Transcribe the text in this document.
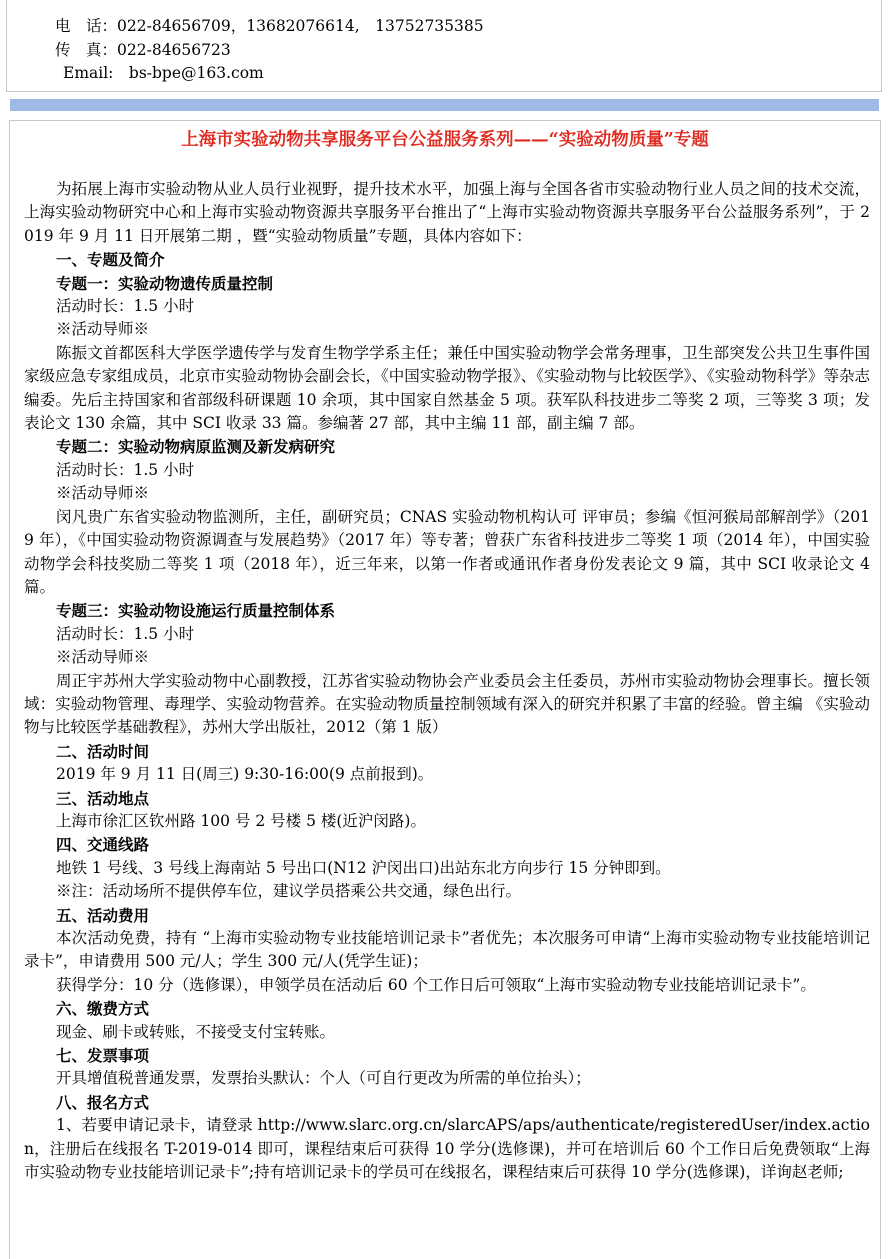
电　话：022-84656709，13682076614,　13752735385
传　真：022-84656723
Email:　bs-bpe@163.com
上海市实验动物共享服务平台公益服务系列——“实验动物质量”专题

为拓展上海市实验动物从业人员行业视野，提升技术水平，加强上海与全国各省市实验动物行业人员之间的技术交流，上海实验动物研究中心和上海市实验动物资源共享服务平台推出了“上海市实验动物资源共享服务平台公益服务系列”，于 2019 年 9 月 11 日开展第二期 ，暨“实验动物质量”专题，具体内容如下：

一、专题及简介

专题一：实验动物遗传质量控制

活动时长：1.5 小时

※活动导师※

陈振文首都医科大学医学遗传学与发育生物学学系主任；兼任中国实验动物学会常务理事，卫生部突发公共卫生事件国家级应急专家组成员，北京市实验动物协会副会长，《中国实验动物学报》、《实验动物与比较医学》、《实验动物科学》等杂志编委。先后主持国家和省部级科研课题 10 余项，其中国家自然基金 5 项。获军队科技进步二等奖 2 项，三等奖 3 项；发表论文 130 余篇，其中 SCI 收录 33 篇。参编著 27 部，其中主编 11 部，副主编 7 部。

专题二：实验动物病原监测及新发病研究

活动时长：1.5 小时

※活动导师※

闵凡贵广东省实验动物监测所，主任，副研究员；CNAS 实验动物机构认可 评审员；参编《恒河猴局部解剖学》（2019 年），《中国实验动物资源调查与发展趋势》（2017 年）等专著；曾获广东省科技进步二等奖 1 项（2014 年），中国实验动物学会科技奖励二等奖 1 项（2018 年），近三年来，以第一作者或通讯作者身份发表论文 9 篇，其中 SCI 收录论文 4 篇。

专题三：实验动物设施运行质量控制体系

活动时长：1.5 小时

※活动导师※

周正宇苏州大学实验动物中心副教授，江苏省实验动物协会产业委员会主任委员，苏州市实验动物协会理事长。擅长领域：实验动物管理、毒理学、实验动物营养。在实验动物质量控制领域有深入的研究并积累了丰富的经验。曾主编 《实验动物与比较医学基础教程》，苏州大学出版社，2012（第 1 版）

二、活动时间

2019 年 9 月 11 日(周三) 9:30-16:00(9 点前报到)。

三、活动地点

上海市徐汇区钦州路 100 号 2 号楼 5 楼(近沪闵路)。

四、交通线路

地铁 1 号线、3 号线上海南站 5 号出口(N12 沪闵出口)出站东北方向步行 15 分钟即到。

※注：活动场所不提供停车位，建议学员搭乘公共交通，绿色出行。

五、活动费用

本次活动免费，持有 “上海市实验动物专业技能培训记录卡”者优先；本次服务可申请“上海市实验动物专业技能培训记录卡”，申请费用 500 元/人；学生 300 元/人(凭学生证)；

获得学分：10 分（选修课），申领学员在活动后 60 个工作日后可领取“上海市实验动物专业技能培训记录卡”。

六、缴费方式

现金、刷卡或转账，不接受支付宝转账。

七、发票事项

开具增值税普通发票，发票抬头默认：个人（可自行更改为所需的单位抬头）；

八、报名方式

1、若要申请记录卡，请登录 http://www.slarc.org.cn/slarcAPS/aps/authenticate/registeredUser/index.action，注册后在线报名 T-2019-014 即可，课程结束后可获得 10 学分(选修课)，并可在培训后 60 个工作日后免费领取“上海市实验动物专业技能培训记录卡”;持有培训记录卡的学员可在线报名，课程结束后可获得 10 学分(选修课)，详询赵老师;
